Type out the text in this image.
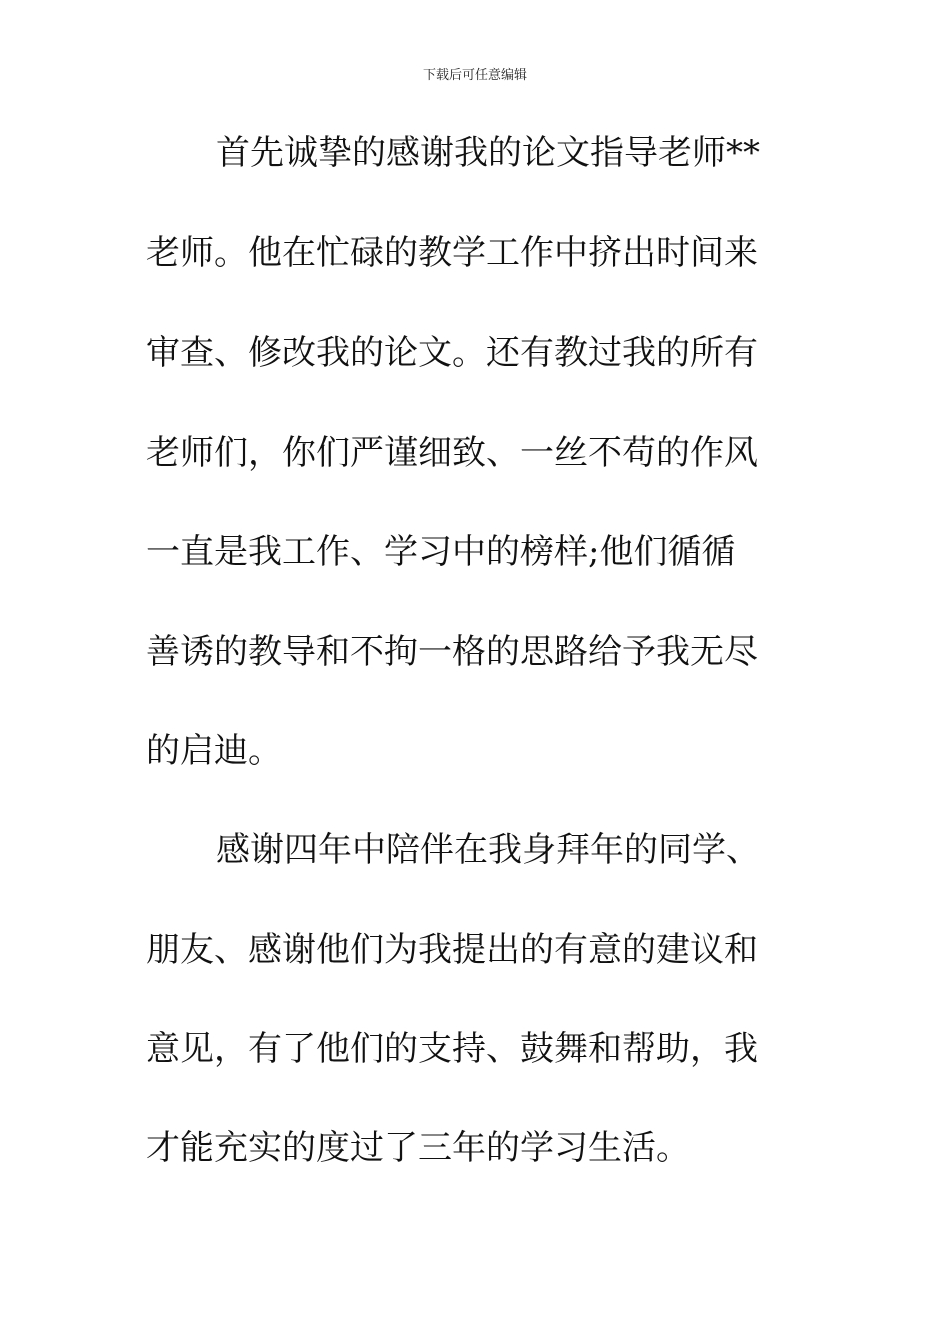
下载后可任意编辑
首先诚挚的感谢我的论文指导老师**
老师。他在忙碌的教学工作中挤出时间来
审查、修改我的论文。还有教过我的所有
老师们，你们严谨细致、一丝不苟的作风
一直是我工作、学习中的榜样;他们循循
善诱的教导和不拘一格的思路给予我无尽
的启迪。
感谢四年中陪伴在我身拜年的同学、
朋友、感谢他们为我提出的有意的建议和
意见，有了他们的支持、鼓舞和帮助，我
才能充实的度过了三年的学习生活。
